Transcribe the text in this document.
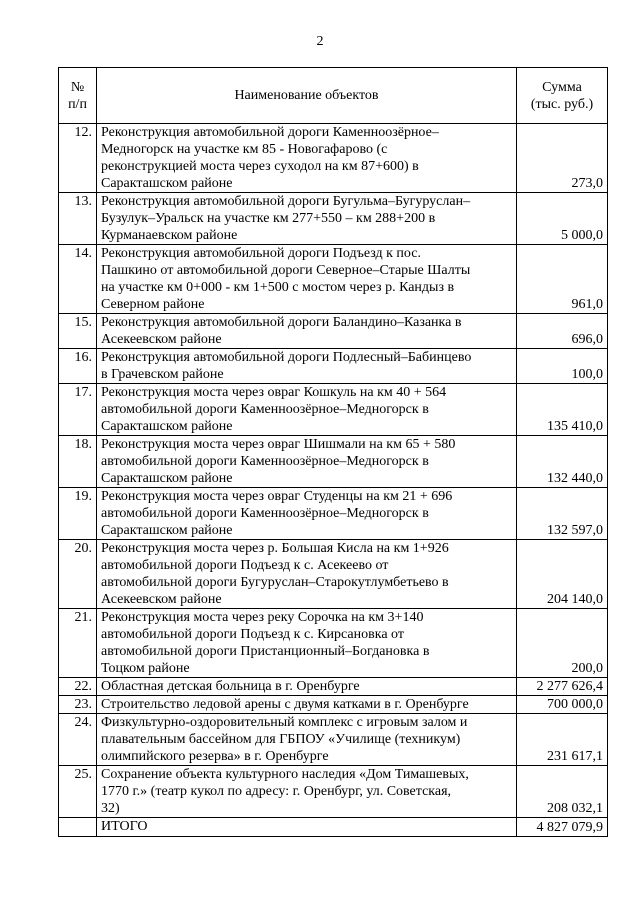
2
№
п/п	Наименование объектов	Сумма
(тыс. руб.)

12.	Реконструкция автомобильной дороги Каменноозёрное–
Медногорск на участке км 85 - Новогафарово (с
реконструкцией моста через суходол на км 87+600) в
Саракташском районе	273,0
13.	Реконструкция автомобильной дороги Бугульма–Бугуруслан–
Бузулук–Уральск на участке км 277+550 – км 288+200 в
Курманаевском районе	5 000,0
14.	Реконструкция автомобильной дороги Подъезд к пос.
Пашкино от автомобильной дороги Северное–Старые Шалты
на участке км 0+000 - км 1+500 с мостом через р. Кандыз в
Северном районе	961,0
15.	Реконструкция автомобильной дороги Баландино–Казанка в
Асекеевском районе	696,0
16.	Реконструкция автомобильной дороги Подлесный–Бабинцево
в Грачевском районе	100,0
17.	Реконструкция моста через овраг Кошкуль на км 40 + 564
автомобильной дороги Каменноозёрное–Медногорск в
Саракташском районе	135 410,0
18.	Реконструкция моста через овраг Шишмали на км 65 + 580
автомобильной дороги Каменноозёрное–Медногорск в
Саракташском районе	132 440,0
19.	Реконструкция моста через овраг Студенцы на км 21 + 696
автомобильной дороги Каменноозёрное–Медногорск в
Саракташском районе	132 597,0
20.	Реконструкция моста через р. Большая Кисла на км 1+926
автомобильной дороги Подъезд к с. Асекеево от
автомобильной дороги Бугуруслан–Старокутлумбетьево в
Асекеевском районе	204 140,0
21.	Реконструкция моста через реку Сорочка на км 3+140
автомобильной дороги Подъезд к с. Кирсановка от
автомобильной дороги Пристанционный–Богдановка в
Тоцком районе	200,0
22.	Областная детская больница в г. Оренбурге	2 277 626,4
23.	Строительство ледовой арены с двумя катками в г. Оренбурге	700 000,0
24.	Физкультурно-оздоровительный комплекс с игровым залом и
плавательным бассейном для ГБПОУ «Училище (техникум)
олимпийского резерва» в г. Оренбурге	231 617,1
25.	Сохранение объекта культурного наследия «Дом Тимашевых,
1770 г.» (театр кукол по адресу: г. Оренбург, ул. Советская,
32)	208 032,1
	ИТОГО	4 827 079,9
